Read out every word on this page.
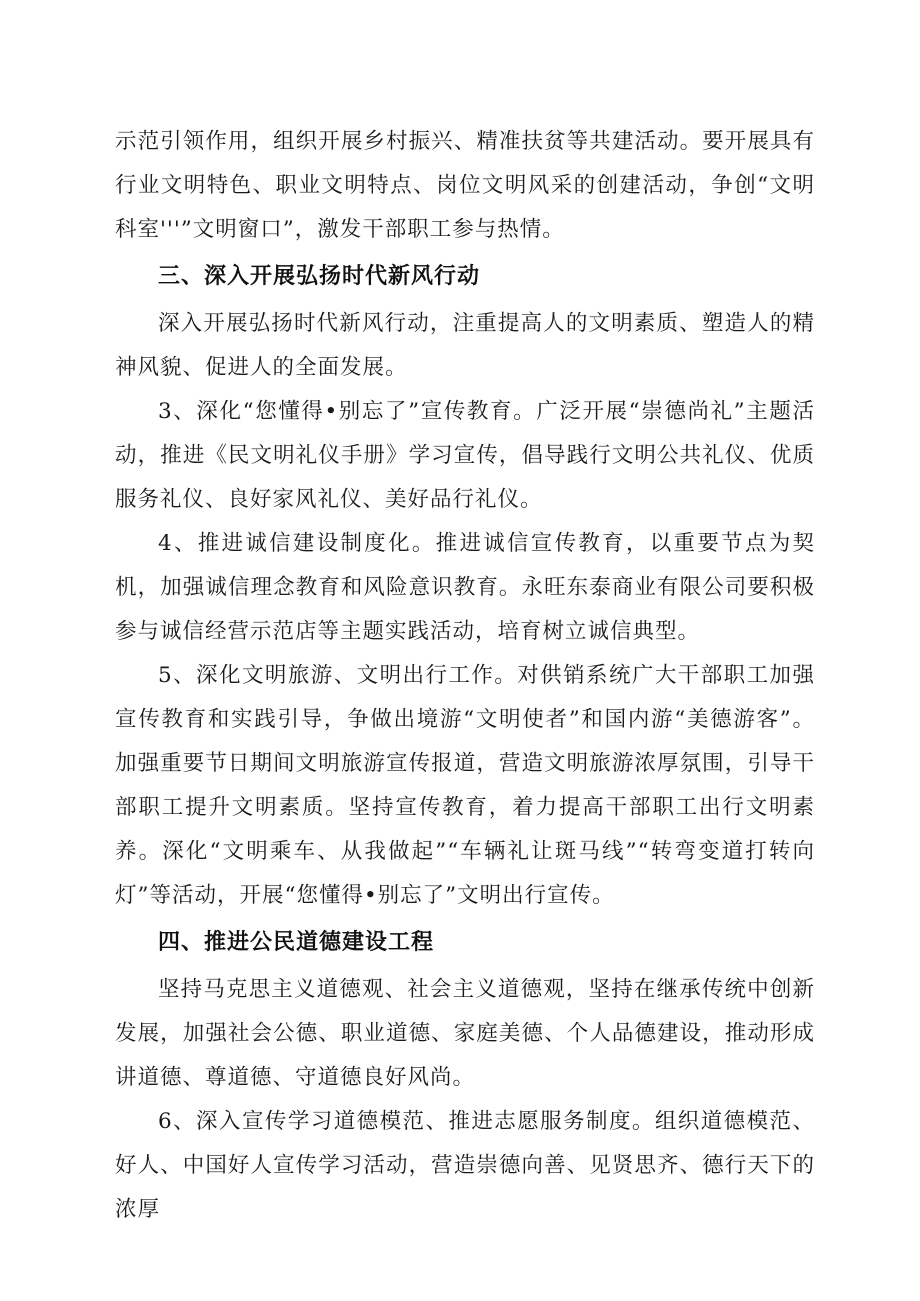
示范引领作用，组织开展乡村振兴、精准扶贫等共建活动。要开展具有行业文明特色、职业文明特点、岗位文明风采的创建活动，争创“文明科室'''”文明窗口”，激发干部职工参与热情。

三、深入开展弘扬时代新风行动

深入开展弘扬时代新风行动，注重提高人的文明素质、塑造人的精神风貌、促进人的全面发展。

3、深化“您懂得•别忘了”宣传教育。广泛开展“崇德尚礼”主题活动，推进《民文明礼仪手册》学习宣传，倡导践行文明公共礼仪、优质服务礼仪、良好家风礼仪、美好品行礼仪。

4、推进诚信建设制度化。推进诚信宣传教育，以重要节点为契机，加强诚信理念教育和风险意识教育。永旺东泰商业有限公司要积极参与诚信经营示范店等主题实践活动，培育树立诚信典型。

5、深化文明旅游、文明出行工作。对供销系统广大干部职工加强宣传教育和实践引导，争做出境游“文明使者”和国内游“美德游客”。加强重要节日期间文明旅游宣传报道，营造文明旅游浓厚氛围，引导干部职工提升文明素质。坚持宣传教育，着力提高干部职工出行文明素养。深化“文明乘车、从我做起”“车辆礼让斑马线”“转弯变道打转向灯”等活动，开展“您懂得•别忘了”文明出行宣传。

四、推进公民道德建设工程

坚持马克思主义道德观、社会主义道德观，坚持在继承传统中创新发展，加强社会公德、职业道德、家庭美德、个人品德建设，推动形成讲道德、尊道德、守道德良好风尚。

6、深入宣传学习道德模范、推进志愿服务制度。组织道德模范、好人、中国好人宣传学习活动，营造崇德向善、见贤思齐、德行天下的浓厚
